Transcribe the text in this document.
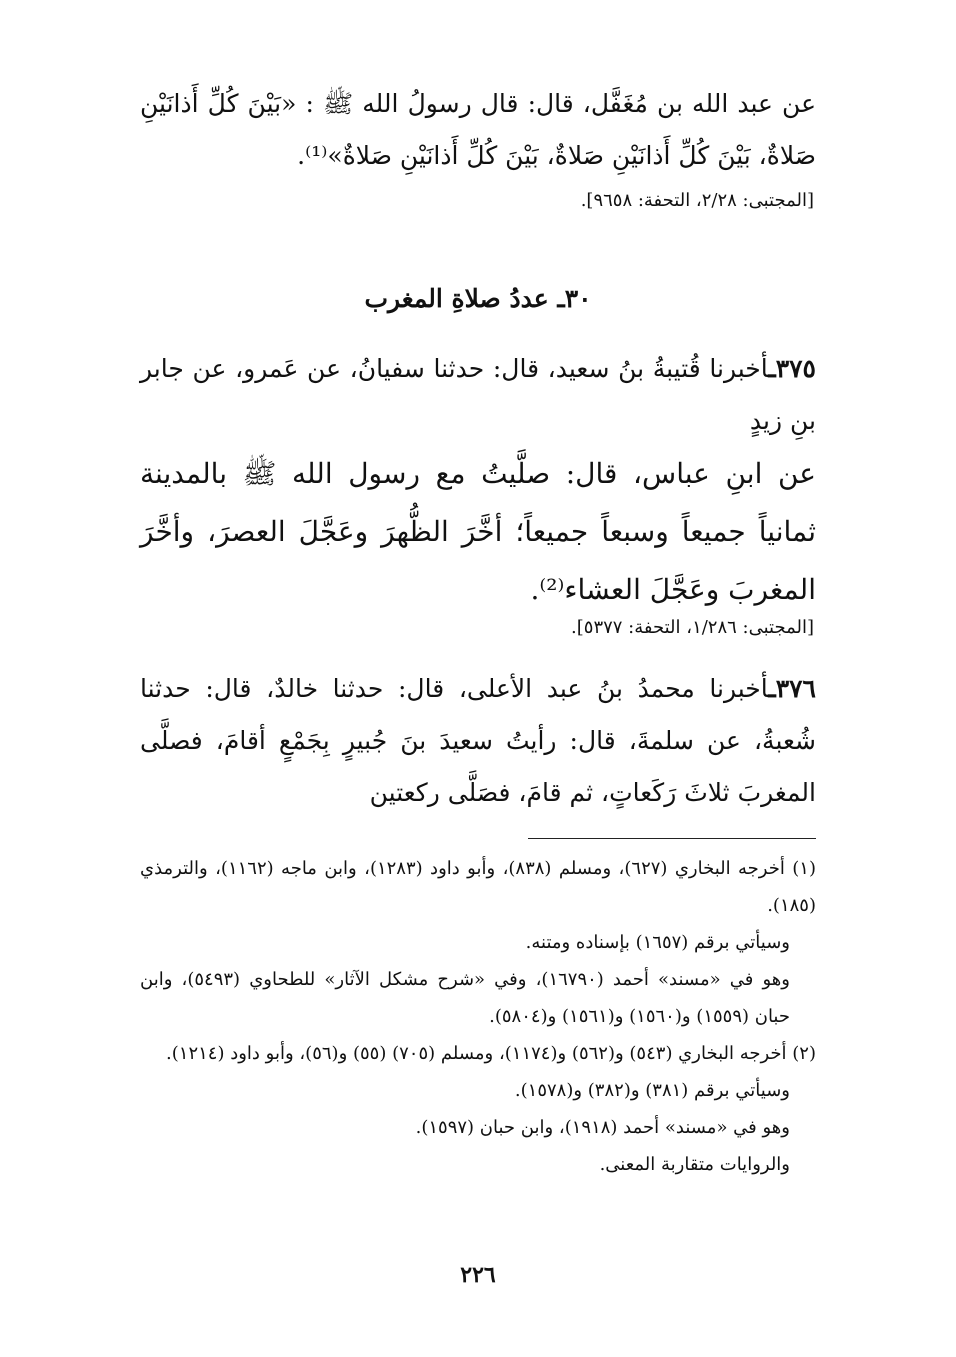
عن عبد الله بن مُغَفَّل، قال: قال رسولُ الله ﷺ : «بَيْنَ كُلِّ أَذانَيْنِ صَلاةٌ، بَيْنَ كُلِّ أَذانَيْنِ صَلاةٌ، بَيْنَ كُلِّ أَذانَيْنِ صَلاةٌ»⁽¹⁾.

[المجتبى: ٢/٢٨، التحفة: ٩٦٥٨].
٣٠ـ عددُ صلاةِ المغرب

٣٧٥ـأخبرنا قُتيبةُ بنُ سعيد، قال: حدثنا سفيانُ، عن عَمرو، عن جابر بنِ زيدٍ

عن ابنِ عباس، قال: صلَّيتُ مع رسول الله ﷺ بالمدينة ثمانياً جميعاً وسبعاً جميعاً؛ أخَّرَ الظُّهرَ وعَجَّلَ العصرَ، وأخَّرَ المغربَ وعَجَّلَ العشاء⁽²⁾.

[المجتبى: ١/٢٨٦، التحفة: ٥٣٧٧].

٣٧٦ـأخبرنا محمدُ بنُ عبد الأعلى، قال: حدثنا خالدٌ، قال: حدثنا شُعبةُ، عن سلمةَ، قال: رأيتُ سعيدَ بنَ جُبيرٍ بِجَمْعٍ أقامَ، فصلَّى المغربَ ثلاثَ رَكَعاتٍ، ثم قامَ، فصَلَّى ركعتين

(١) أخرجه البخاري (٦٢٧)، ومسلم (٨٣٨)، وأبو داود (١٢٨٣)، وابن ماجه (١١٦٢)، والترمذي (١٨٥).

وسيأتي برقم (١٦٥٧) بإسناده ومتنه.

وهو في «مسند» أحمد (١٦٧٩٠)، وفي «شرح مشكل الآثار» للطحاوي (٥٤٩٣)، وابن حبان (١٥٥٩) و(١٥٦٠) و(١٥٦١) و(٥٨٠٤).

(٢) أخرجه البخاري (٥٤٣) و(٥٦٢) و(١١٧٤)، ومسلم (٧٠٥) (٥٥) و(٥٦)، وأبو داود (١٢١٤).

وسيأتي برقم (٣٨١) و(٣٨٢) و(١٥٧٨).

وهو في «مسند» أحمد (١٩١٨)، وابن حبان (١٥٩٧).

والروايات متقاربة المعنى.

٢٢٦
